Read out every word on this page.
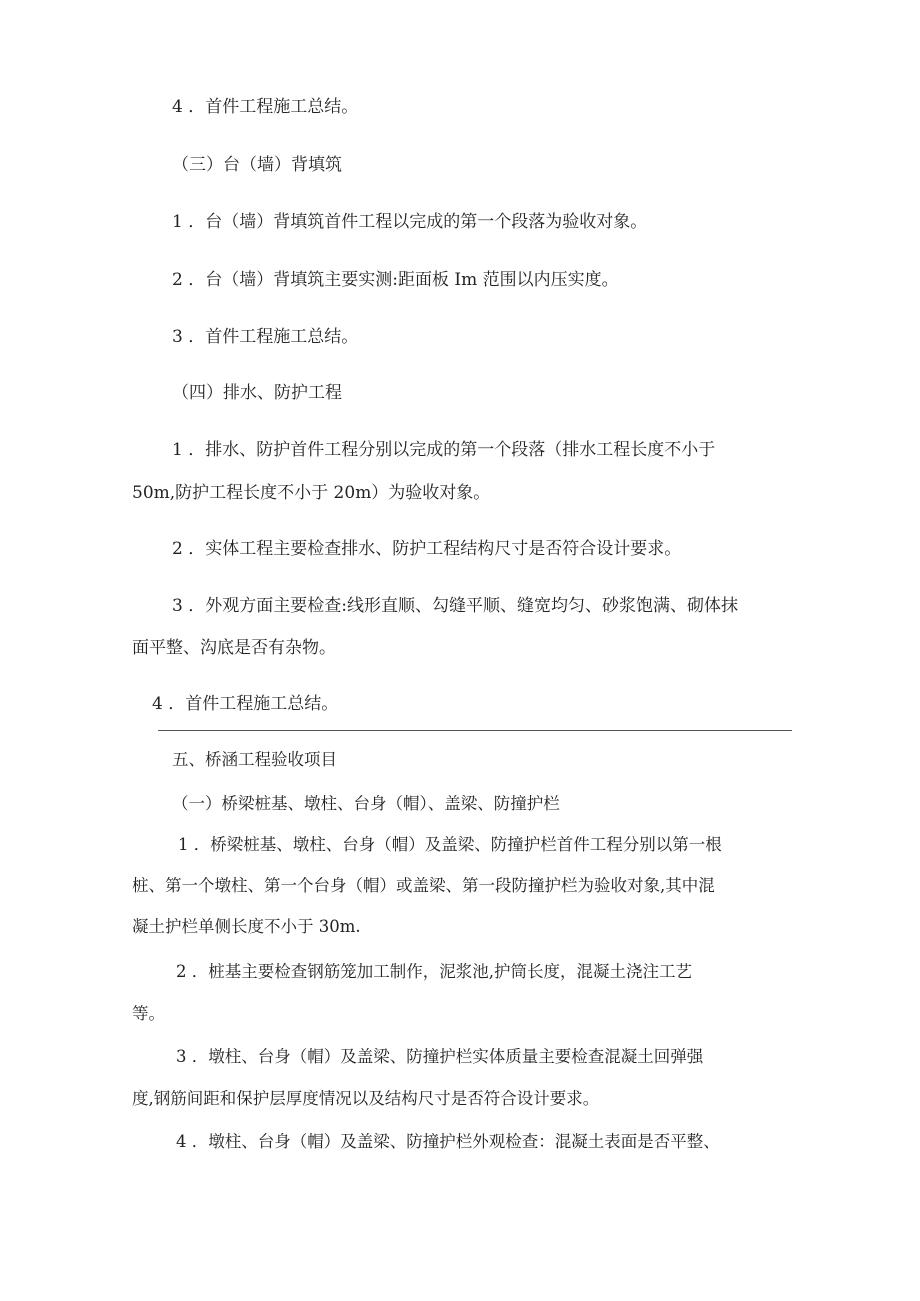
4 ．首件工程施工总结。
（三）台（墙）背填筑
1 ．台（墙）背填筑首件工程以完成的第一个段落为验收对象。
2 ．台（墙）背填筑主要实测:距面板 Im 范围以内压实度。
3 ．首件工程施工总结。
（四）排水、防护工程
1 ．排水、防护首件工程分别以完成的第一个段落（排水工程长度不小于
50m,防护工程长度不小于 20m）为验收对象。
2 ．实体工程主要检查排水、防护工程结构尺寸是否符合设计要求。
3 ．外观方面主要检查:线形直顺、勾缝平顺、缝宽均匀、砂浆饱满、砌体抹
面平整、沟底是否有杂物。
4 ．首件工程施工总结。
五、桥涵工程验收项目
（一）桥梁桩基、墩柱、台身（帽）、盖梁、防撞护栏
1 ．桥梁桩基、墩柱、台身（帽）及盖梁、防撞护栏首件工程分别以第一根
桩、第一个墩柱、第一个台身（帽）或盖梁、第一段防撞护栏为验收对象,其中混
凝土护栏单侧长度不小于 30m.
2 ．桩基主要检查钢筋笼加工制作，泥浆池,护筒长度，混凝土浇注工艺
等。
3 ．墩柱、台身（帽）及盖梁、防撞护栏实体质量主要检查混凝土回弹强
度,钢筋间距和保护层厚度情况以及结构尺寸是否符合设计要求。
4 ．墩柱、台身（帽）及盖梁、防撞护栏外观检查：混凝土表面是否平整、
